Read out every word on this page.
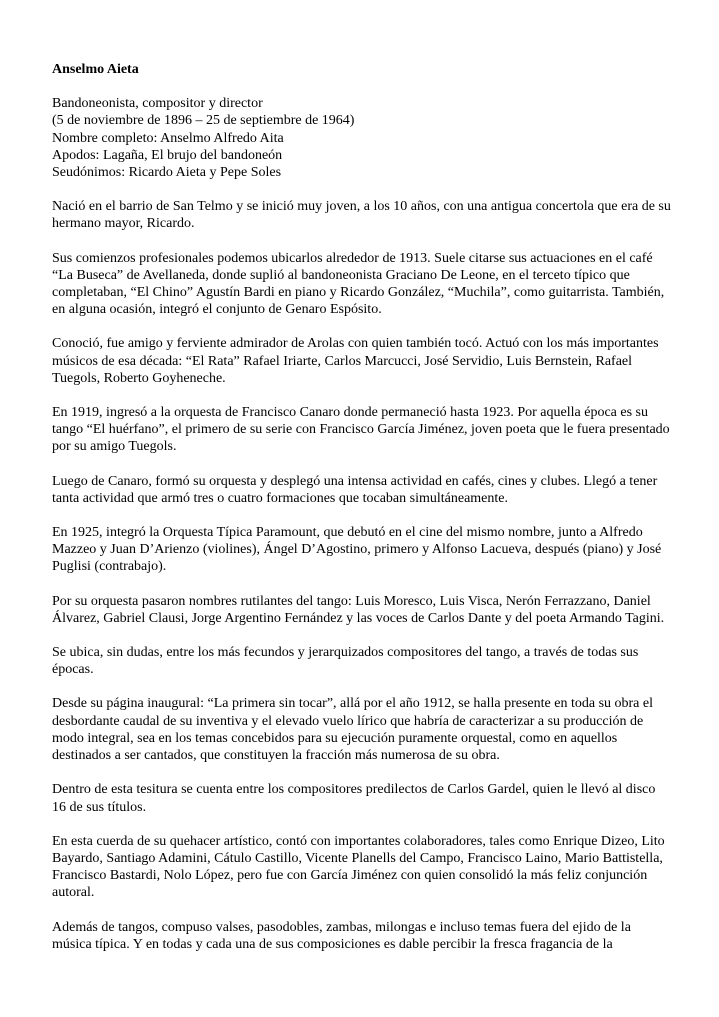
Anselmo Aieta
Bandoneonista, compositor y director
(5 de noviembre de 1896 – 25 de septiembre de 1964)
Nombre completo: Anselmo Alfredo Aita
Apodos: Lagaña, El brujo del bandoneón
Seudónimos: Ricardo Aieta y Pepe Soles

Nació en el barrio de San Telmo y se inició muy joven, a los 10 años, con una antigua concertola que era de su hermano mayor, Ricardo.

Sus comienzos profesionales podemos ubicarlos alrededor de 1913. Suele citarse sus actuaciones en el café “La Buseca” de Avellaneda, donde suplió al bandoneonista Graciano De Leone, en el terceto típico que completaban, “El Chino” Agustín Bardi en piano y Ricardo González, “Muchila”, como guitarrista. También, en alguna ocasión, integró el conjunto de Genaro Espósito.

Conoció, fue amigo y ferviente admirador de Arolas con quien también tocó. Actuó con los más importantes músicos de esa década: “El Rata” Rafael Iriarte, Carlos Marcucci, José Servidio, Luis Bernstein, Rafael Tuegols, Roberto Goyheneche.

En 1919, ingresó a la orquesta de Francisco Canaro donde permaneció hasta 1923. Por aquella época es su tango “El huérfano”, el primero de su serie con Francisco García Jiménez, joven poeta que le fuera presentado por su amigo Tuegols.

Luego de Canaro, formó su orquesta y desplegó una intensa actividad en cafés, cines y clubes. Llegó a tener tanta actividad que armó tres o cuatro formaciones que tocaban simultáneamente.

En 1925, integró la Orquesta Típica Paramount, que debutó en el cine del mismo nombre, junto a Alfredo Mazzeo y Juan D’Arienzo (violines), Ángel D’Agostino, primero y Alfonso Lacueva, después (piano) y José Puglisi (contrabajo).

Por su orquesta pasaron nombres rutilantes del tango: Luis Moresco, Luis Visca, Nerón Ferrazzano, Daniel Álvarez, Gabriel Clausi, Jorge Argentino Fernández y las voces de Carlos Dante y del poeta Armando Tagini.

Se ubica, sin dudas, entre los más fecundos y jerarquizados compositores del tango, a través de todas sus épocas.

Desde su página inaugural: “La primera sin tocar”, allá por el año 1912, se halla presente en toda su obra el desbordante caudal de su inventiva y el elevado vuelo lírico que habría de caracterizar a su producción de modo integral, sea en los temas concebidos para su ejecución puramente orquestal, como en aquellos destinados a ser cantados, que constituyen la fracción más numerosa de su obra.

Dentro de esta tesitura se cuenta entre los compositores predilectos de Carlos Gardel, quien le llevó al disco 16 de sus títulos.

En esta cuerda de su quehacer artístico, contó con importantes colaboradores, tales como Enrique Dizeo, Lito Bayardo, Santiago Adamini, Cátulo Castillo, Vicente Planells del Campo, Francisco Laino, Mario Battistella, Francisco Bastardi, Nolo López, pero fue con García Jiménez con quien consolidó la más feliz conjunción autoral.

Además de tangos, compuso valses, pasodobles, zambas, milongas e incluso temas fuera del ejido de la música típica. Y en todas y cada una de sus composiciones es dable percibir la fresca fragancia de la
